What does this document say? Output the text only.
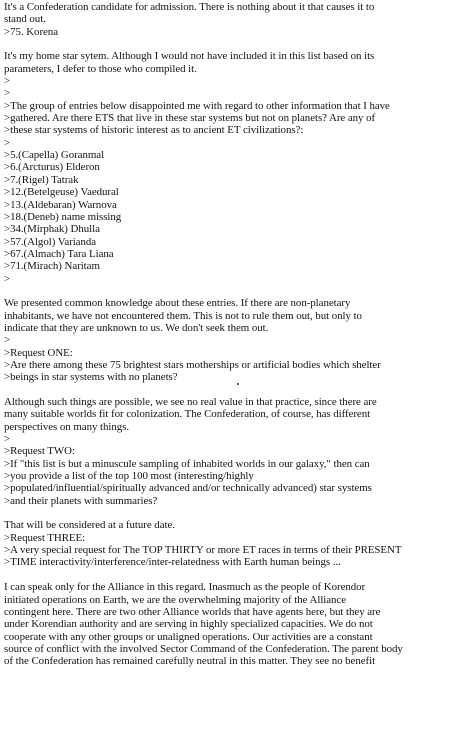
It's a Confederation candidate for admission. There is nothing about it that causes it to
stand out.
>75. Korena
It's my home star sytem. Although I would not have included it in this list based on its
parameters, I defer to those who compiled it.
>
>
>The group of entries below disappointed me with regard to other information that I have
>gathered. Are there ETS that live in these star systems but not on planets? Are any of
>these star systems of historic interest as to ancient ET civilizations?:
>
>5.(Capella) Goranmal
>6.(Arcturus) Elderon
>7.(Rigel) Tatrak
>12.(Betelgeuse) Vaedural
>13.(Aldebaran) Warnova
>18.(Deneb) name missing
>34.(Mirphak) Dhulla
>57.(Algol) Varianda
>67.(Almach) Tara Liana
>71.(Mirach) Naritam
>
We presented common knowledge about these entries. If there are non-planetary
inhabitants, we have not encountered them. This is not to rule them out, but only to
indicate that they are unknown to us. We don't seek them out.
>
>Request ONE:
>Are there among these 75 brightest stars motherships or artificial bodies which shelter
>beings in star systems with no planets?
Although such things are possible, we see no real value in that practice, since there are
many suitable worlds fit for colonization. The Confederation, of course, has different
perspectives on many things.
>
>Request TWO:
>If "this list is but a minuscule sampling of inhabited worlds in our galaxy," then can
>you provide a list of the top 100 most (interesting/highly
>populated/influential/spiritually advanced and/or technically advanced) star systems
>and their planets with summaries?
That will be considered at a future date.
>Request THREE:
>A very special request for The TOP THIRTY or more ET races in terms of their PRESENT
>TIME interactivity/interference/inter-relatedness with Earth human beings ...
I can speak only for the Alliance in this regard. Inasmuch as the people of Korendor
initiated operations on Earth, we are the overwhelming majority of the Alliance
contingent here. There are two other Alliance worlds that have agents here, but they are
under Korendian authority and are serving in highly specialized capacities. We do not
cooperate with any other groups or unaligned operations. Our activities are a constant
source of conflict with the involved Sector Command of the Confederation. The parent body
of the Confederation has remained carefully neutral in this matter. They see no benefit
